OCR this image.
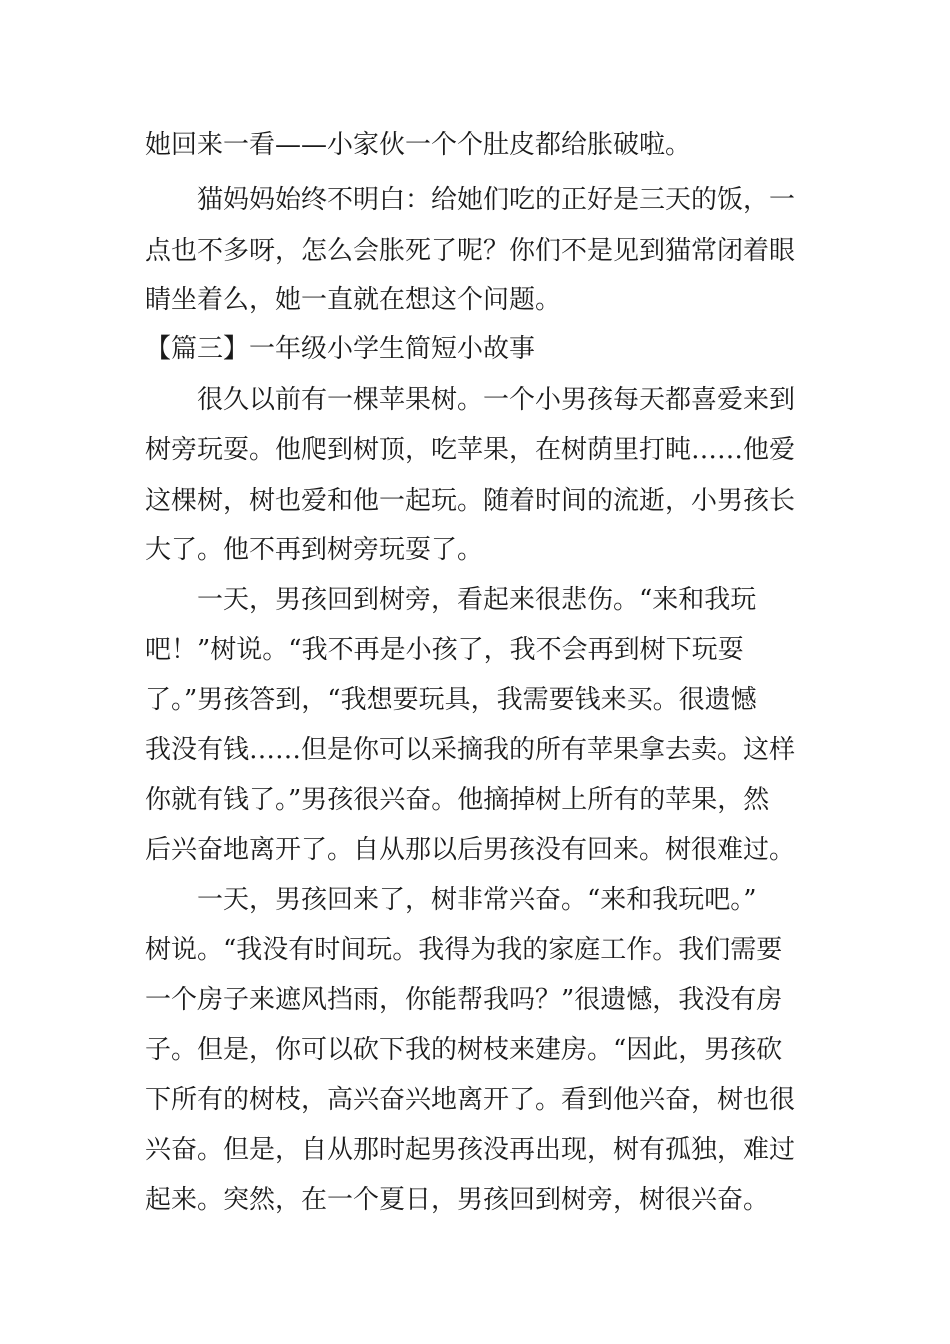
她回来一看——小家伙一个个肚皮都给胀破啦。
猫妈妈始终不明白：给她们吃的正好是三天的饭，一
点也不多呀，怎么会胀死了呢？你们不是见到猫常闭着眼
睛坐着么，她一直就在想这个问题。
【篇三】一年级小学生简短小故事
很久以前有一棵苹果树。一个小男孩每天都喜爱来到
树旁玩耍。他爬到树顶，吃苹果，在树荫里打盹……他爱
这棵树，树也爱和他一起玩。随着时间的流逝，小男孩长
大了。他不再到树旁玩耍了。
一天，男孩回到树旁，看起来很悲伤。“来和我玩
吧！”树说。“我不再是小孩了，我不会再到树下玩耍
了。”男孩答到，“我想要玩具，我需要钱来买。很遗憾
我没有钱……但是你可以采摘我的所有苹果拿去卖。这样
你就有钱了。”男孩很兴奋。他摘掉树上所有的苹果，然
后兴奋地离开了。自从那以后男孩没有回来。树很难过。
一天，男孩回来了，树非常兴奋。“来和我玩吧。”
树说。“我没有时间玩。我得为我的家庭工作。我们需要
一个房子来遮风挡雨，你能帮我吗？”很遗憾，我没有房
子。但是，你可以砍下我的树枝来建房。“因此，男孩砍
下所有的树枝，高兴奋兴地离开了。看到他兴奋，树也很
兴奋。但是，自从那时起男孩没再出现，树有孤独，难过
起来。突然，在一个夏日，男孩回到树旁，树很兴奋。
